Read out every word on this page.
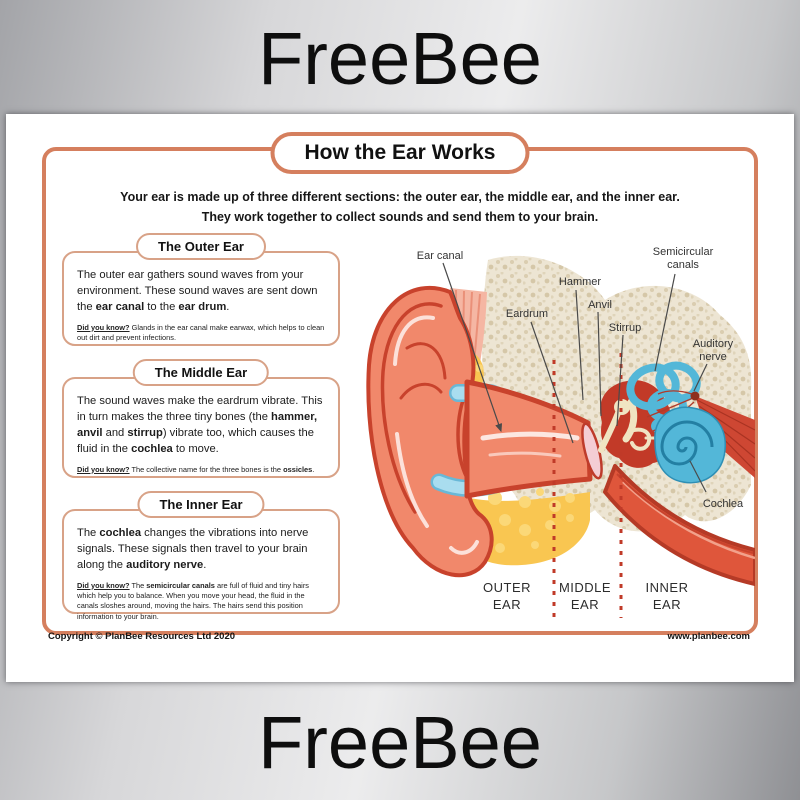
FreeBee
How the Ear Works
Your ear is made up of three different sections: the outer ear, the middle ear, and the inner ear.
They work together to collect sounds and send them to your brain.
The Outer Ear
The outer ear gathers sound waves from your environment. These sound waves are sent down the ear canal to the ear drum.
Did you know? Glands in the ear canal make earwax, which helps to clean out dirt and prevent infections.
The Middle Ear
The sound waves make the eardrum vibrate. This in turn makes the three tiny bones (the hammer, anvil and stirrup) vibrate too, which causes the fluid in the cochlea to move.
Did you know? The collective name for the three bones is the ossicles.
The Inner Ear
The cochlea changes the vibrations into nerve signals. These signals then travel to your brain along the auditory nerve.
Did you know? The semicircular canals are full of fluid and tiny hairs which help you to balance. When you move your head, the fluid in the canals sloshes around, moving the hairs. The hairs send this position information to your brain.
Ear canal
Eardrum
Hammer
Anvil
Stirrup
Semicircular
canals
Auditory
nerve
Cochlea
OUTER
EAR
MIDDLE
EAR
INNER
EAR
Copyright © PlanBee Resources Ltd 2020	www.planbee.com
FreeBee
